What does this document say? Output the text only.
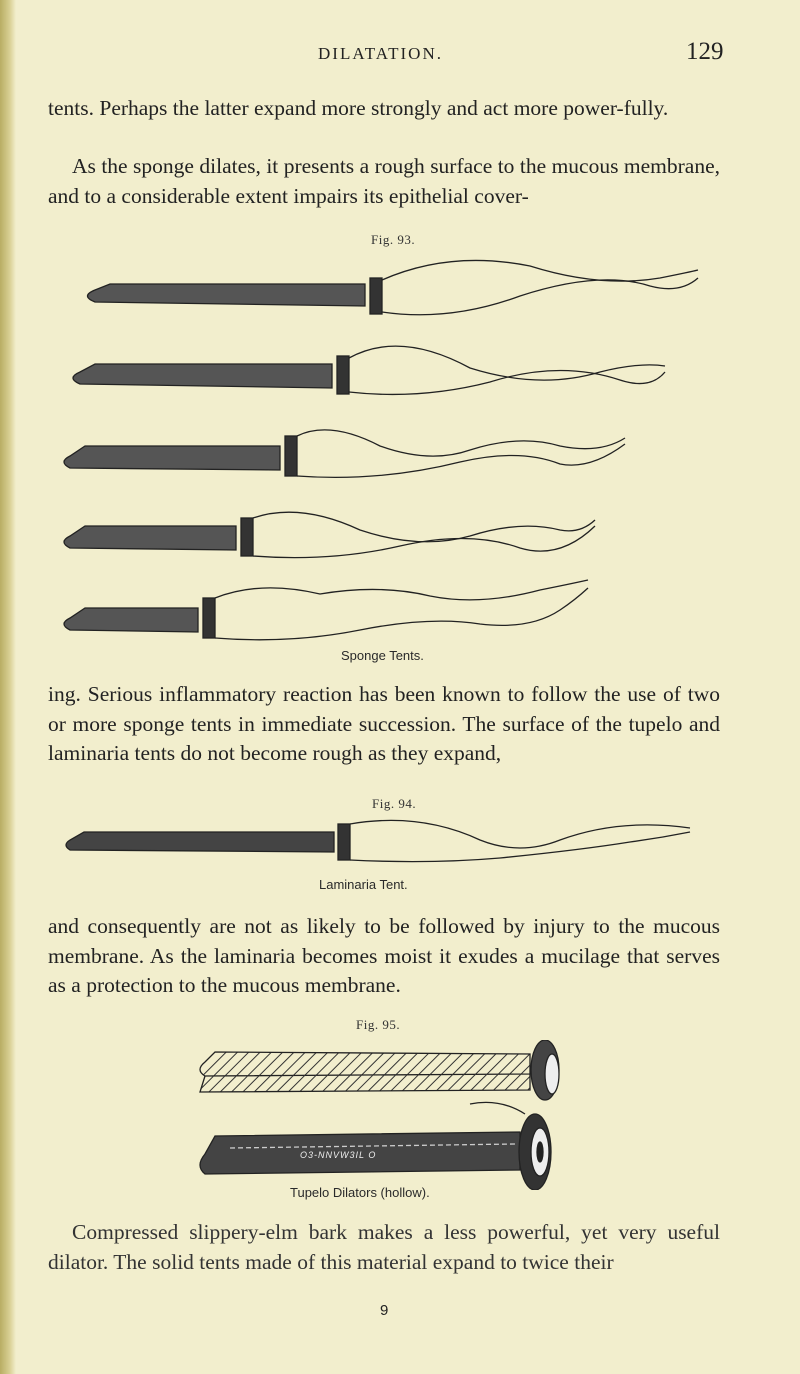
DILATATION.	129

tents. Perhaps the latter expand more strongly and act more power-fully.

As the sponge dilates, it presents a rough surface to the mucous membrane, and to a considerable extent impairs its epithelial cover-

Fig. 93.
Sponge Tents.

ing. Serious inflammatory reaction has been known to follow the use of two or more sponge tents in immediate succession. The surface of the tupelo and laminaria tents do not become rough as they expand,

Fig. 94.
Laminaria Tent.

and consequently are not as likely to be followed by injury to the mucous membrane. As the laminaria becomes moist it exudes a mucilage that serves as a protection to the mucous membrane.

Fig. 95.
O3-NNVW3IL O
Tupelo Dilators (hollow).

Compressed slippery-elm bark makes a less powerful, yet very useful dilator. The solid tents made of this material expand to twice their

9
